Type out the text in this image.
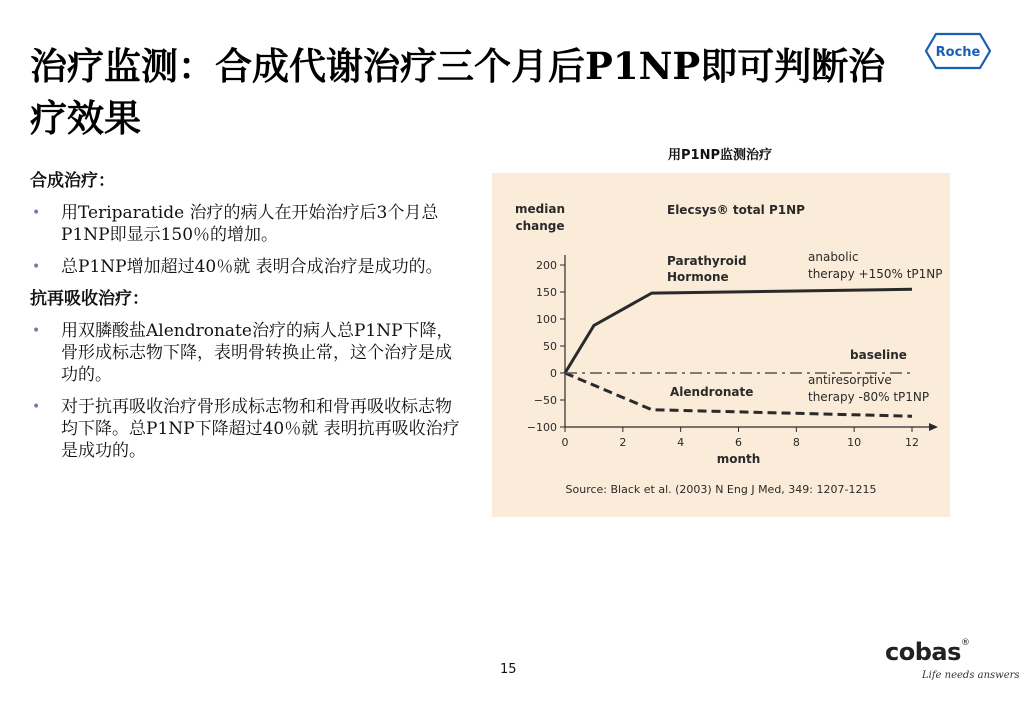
治疗监测：合成代谢治疗三个月后P1NP即可判断治疗效果
Roche
用P1NP监测治疗

合成治疗：

• 用Teriparatide 治疗的病人在开始治疗后3个月总P1NP即显示150％的增加。
• 总P1NP增加超过40％就 表明合成治疗是成功的。

抗再吸收治疗：

• 用双膦酸盐Alendronate治疗的病人总P1NP下降，骨形成标志物下降，表明骨转换止常，这个治疗是成功的。
• 对于抗再吸收治疗骨形成标志物和和骨再吸收标志物均下降。总P1NP下降超过40％就 表明抗再吸收治疗是成功的。
−100
−50
0
50
100
150
200
0	2	4	6	8	10	12
median
change
month
Elecsys® total P1NP
Parathyroid
Hormone
Alendronate
baseline
anabolic
therapy +150% tP1NP
antiresorptive
therapy -80% tP1NP
Source: Black et al. (2003) N Eng J Med, 349: 1207-1215
15
cobas®
Life needs answers
